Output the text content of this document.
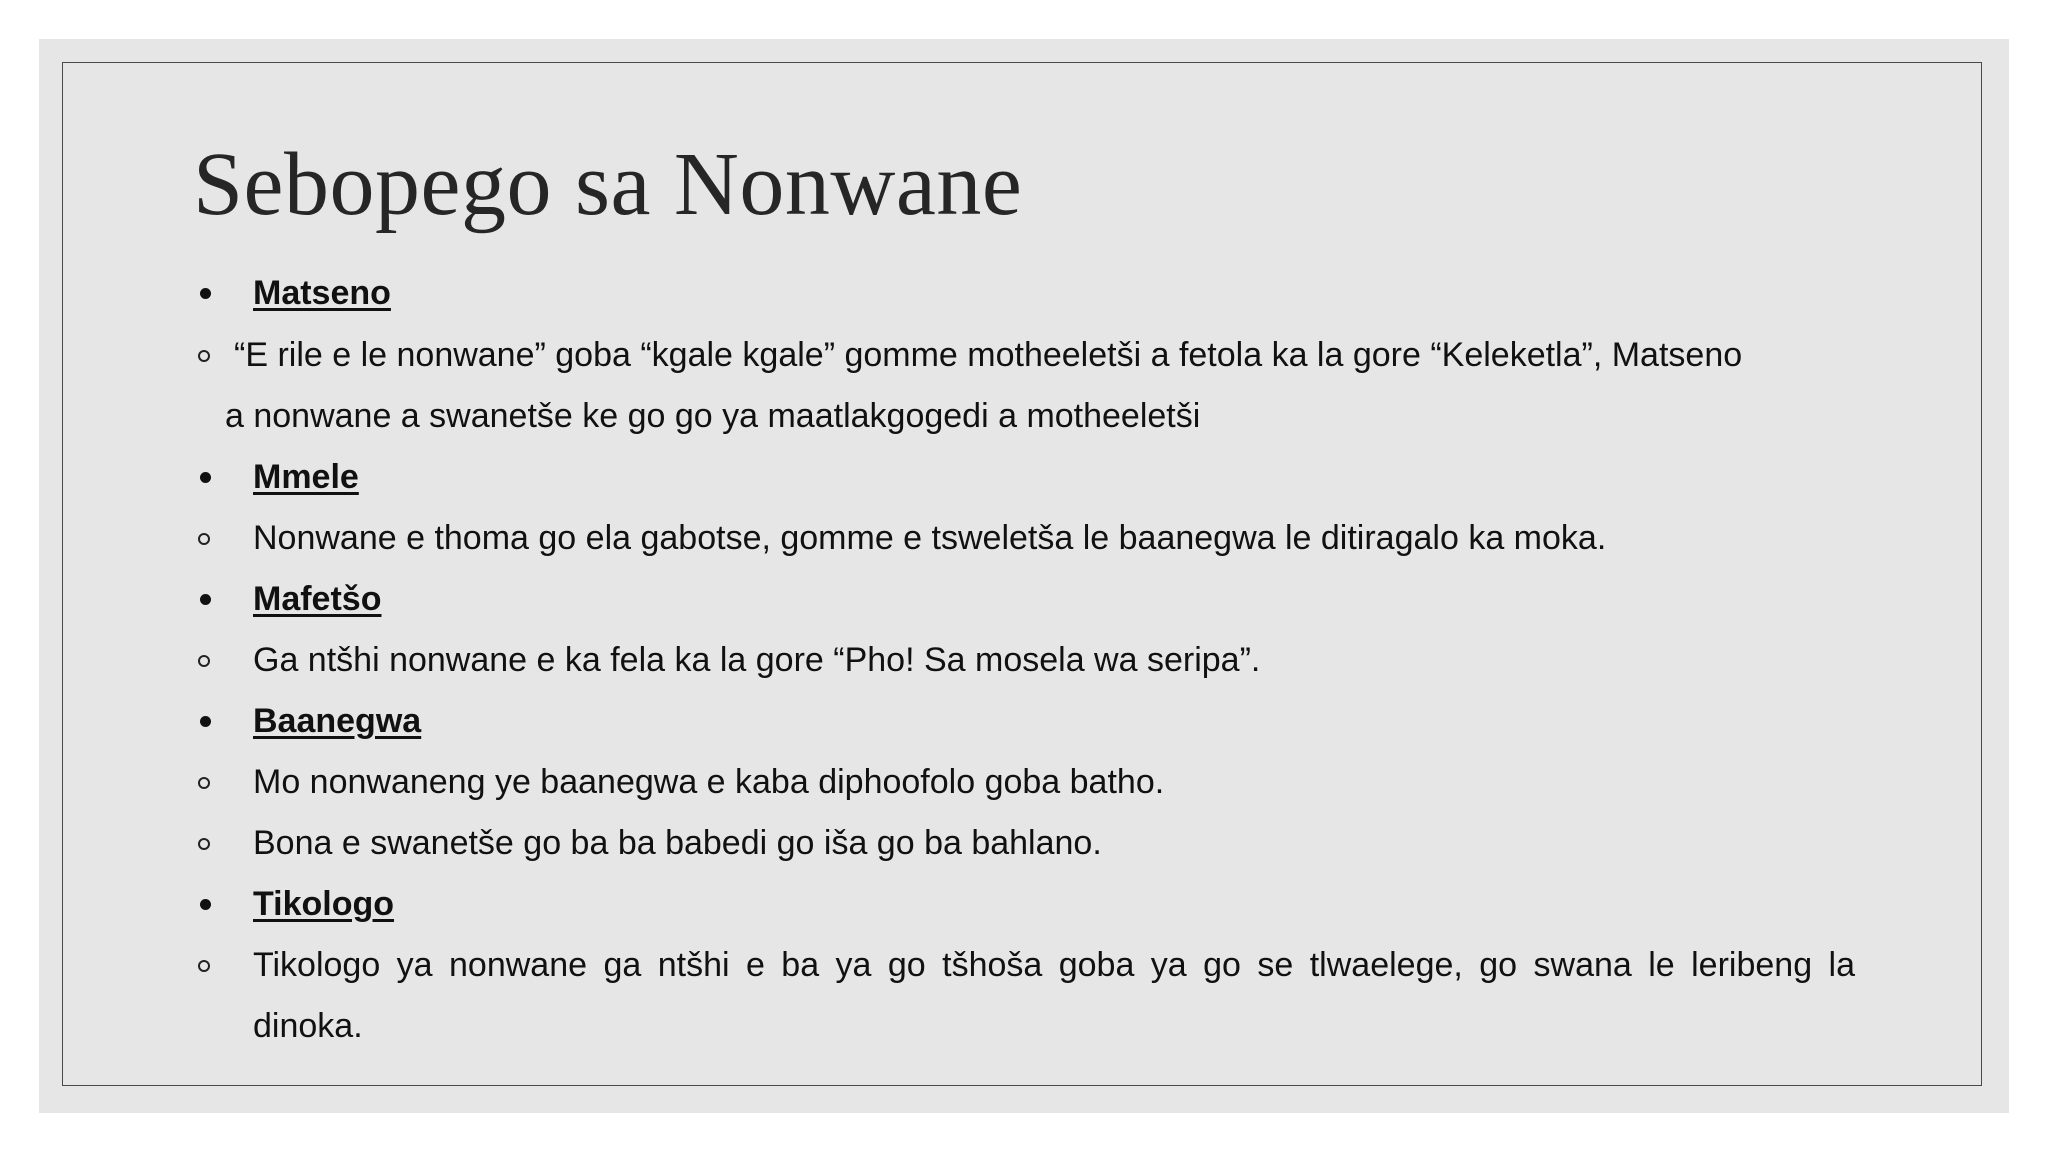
Sebopego sa Nonwane
Matseno
“E rile e le nonwane” goba “kgale kgale” gomme motheeletši a fetola ka la gore “Keleketla”, Matseno
a nonwane a swanetše ke go go ya maatlakgogedi a motheeletši
Mmele
Nonwane e thoma go ela gabotse, gomme e tsweletša le baanegwa le ditiragalo ka moka.
Mafetšo
Ga ntšhi nonwane e ka fela ka la gore “Pho! Sa mosela wa seripa”.
Baanegwa
Mo nonwaneng ye baanegwa e kaba diphoofolo goba batho.
Bona e swanetše go ba ba babedi go iša go ba bahlano.
Tikologo
Tikologo ya nonwane ga ntšhi e ba ya go tšhoša goba ya go se tlwaelege, go swana le leribeng la
dinoka.
